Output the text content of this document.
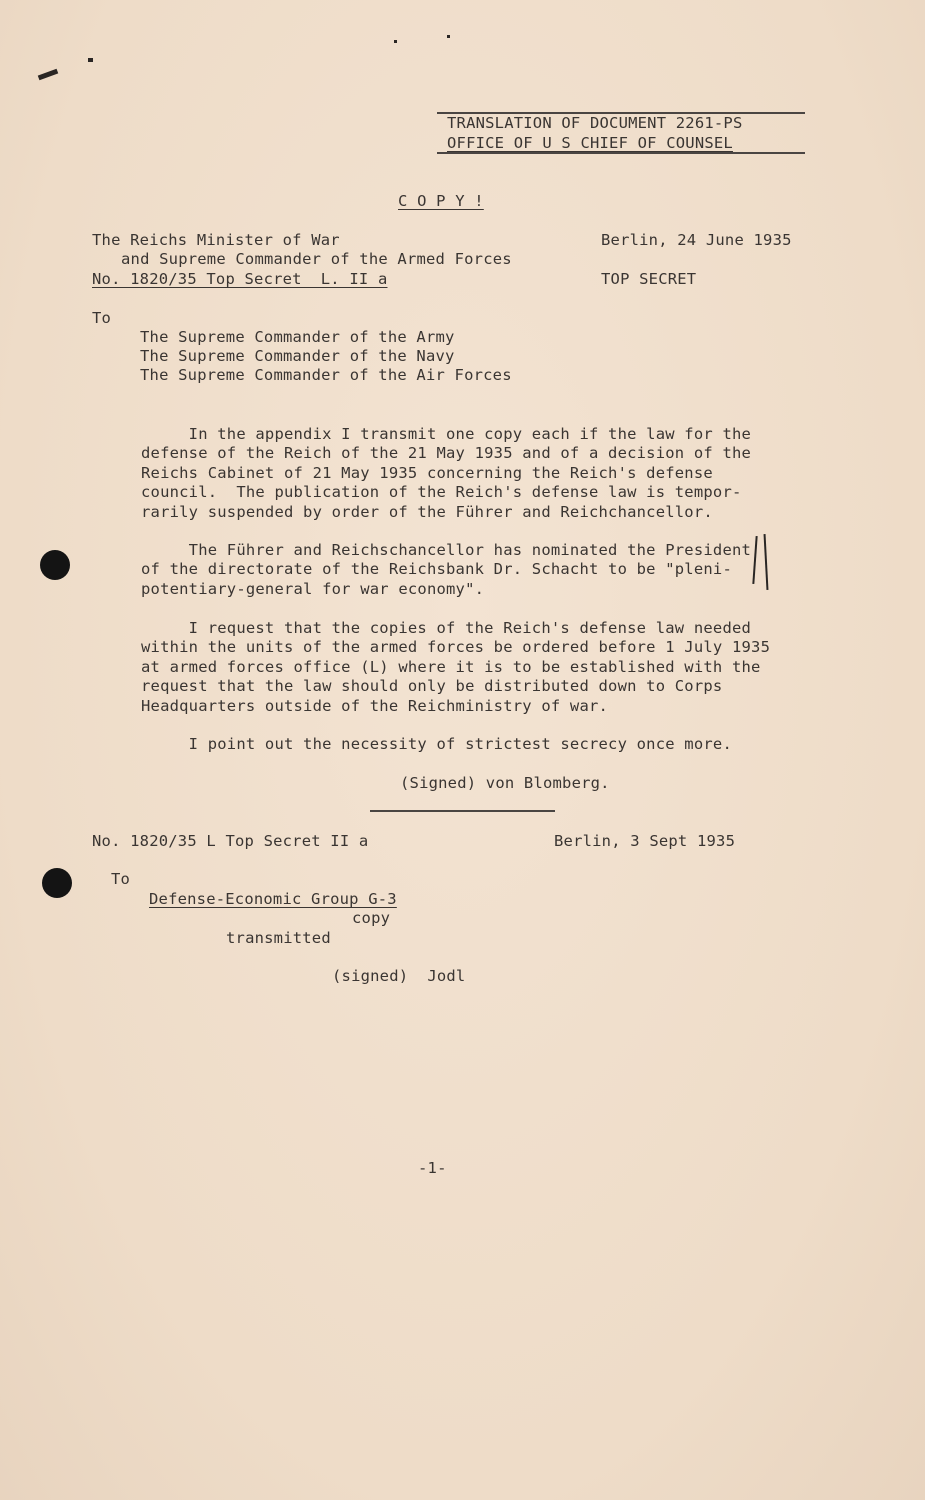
TRANSLATION OF DOCUMENT 2261-PS
OFFICE OF U S CHIEF OF COUNSEL
C O P Y !
The Reichs Minister of War
and Supreme Commander of the Armed Forces
No. 1820/35 Top Secret  L. II a
Berlin, 24 June 1935
TOP SECRET
To
The Supreme Commander of the Army
The Supreme Commander of the Navy
The Supreme Commander of the Air Forces
In the appendix I transmit one copy each if the law for the
defense of the Reich of the 21 May 1935 and of a decision of the
Reichs Cabinet of 21 May 1935 concerning the Reich's defense
council.  The publication of the Reich's defense law is tempor-
rarily suspended by order of the Führer and Reichchancellor.
The Führer and Reichschancellor has nominated the President
of the directorate of the Reichsbank Dr. Schacht to be "pleni-
potentiary-general for war economy".
I request that the copies of the Reich's defense law needed
within the units of the armed forces be ordered before 1 July 1935
at armed forces office (L) where it is to be established with the
request that the law should only be distributed down to Corps
Headquarters outside of the Reichministry of war.
I point out the necessity of strictest secrecy once more.
(Signed) von Blomberg.
No. 1820/35 L Top Secret II a	Berlin, 3 Sept 1935
To
Defense-Economic Group G-3
copy
transmitted
(signed)  Jodl
-1-
